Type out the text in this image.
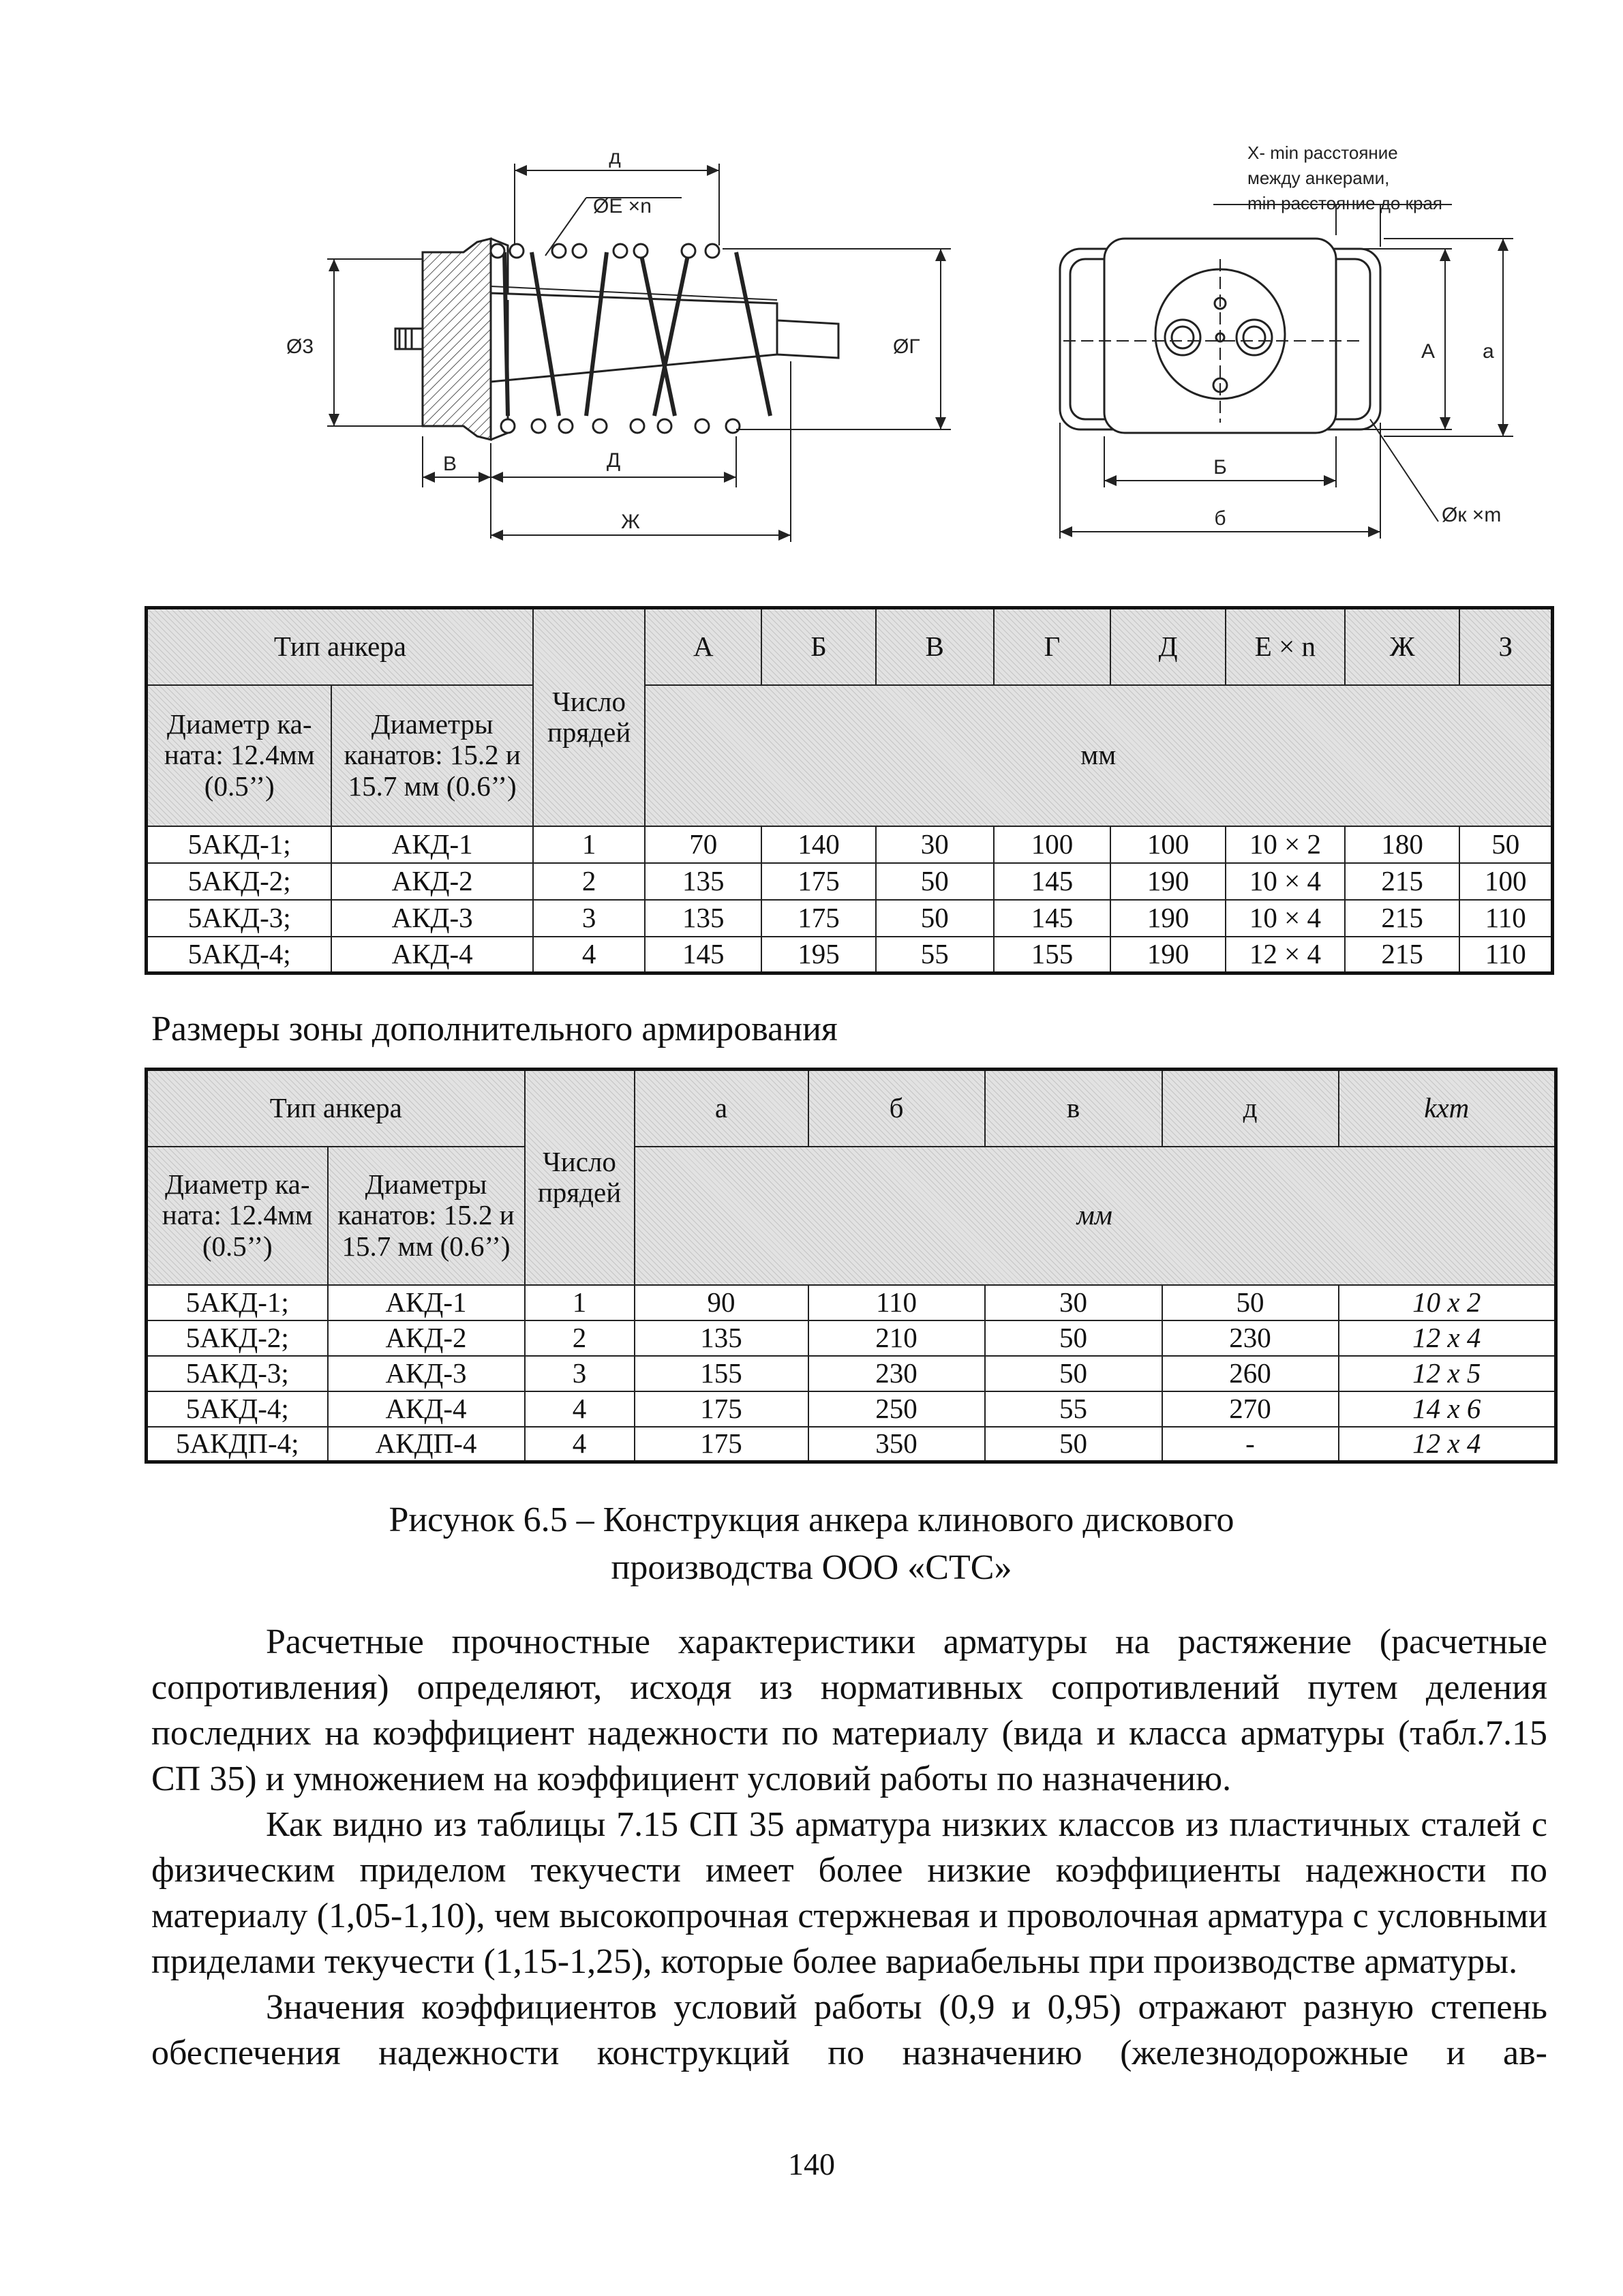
д
ØЕ ×n
Ø3	ØГ
В	Д
Ж
Х- min расстояние
между анкерами,
min расстояние до края
А а
Б
б	Øк ×m
Тип анкера		Число прядей	А	Б	В	Г	Д	Е × n	Ж	З
Диаметр ка-ната: 12.4мм (0.5’’)	Диаметры канатов: 15.2 и 15.7 мм (0.6’’)		мм							
5АКД-1;	АКД-1	1	70	140	30	100	100	10 × 2	180	50
5АКД-2;	АКД-2	2	135	175	50	145	190	10 × 4	215	100
5АКД-3;	АКД-3	3	135	175	50	145	190	10 × 4	215	110
5АКД-4;	АКД-4	4	145	195	55	155	190	12 × 4	215	110
Размеры зоны дополнительного армирования
Тип анкера		Число прядей	а	б	в	д	kxm
Диаметр ка-ната: 12.4мм (0.5’’)	Диаметры канатов: 15.2 и 15.7 мм (0.6’’)		мм				
5АКД-1;	АКД-1	1	90	110	30	50	10 x 2
5АКД-2;	АКД-2	2	135	210	50	230	12 x 4
5АКД-3;	АКД-3	3	155	230	50	260	12 x 5
5АКД-4;	АКД-4	4	175	250	55	270	14 x 6
5АКДП-4;	АКДП-4	4	175	350	50	-	12 x 4
Рисунок 6.5 – Конструкция анкера клинового дискового
производства ООО «СТС»

Расчетные прочностные характеристики арматуры на растяжение (расчетные сопротивления) определяют, исходя из нормативных сопротивлений путем деления последних на коэффициент надежности по материалу (вида и класса арматуры (табл.7.15 СП 35) и умножением на коэффициент условий работы по назначению.

Как видно из таблицы 7.15 СП 35 арматура низких классов из пластичных сталей с физическим приделом текучести имеет более низкие коэффициенты надежности по материалу (1,05-1,10), чем высокопрочная стержневая и проволочная арматура с условными приделами текучести (1,15-1,25), которые более вариабельны при производстве арматуры.

Значения коэффициентов условий работы (0,9 и 0,95) отражают разную степень обеспечения надежности конструкций по назначению (железнодорожные и ав-

140
